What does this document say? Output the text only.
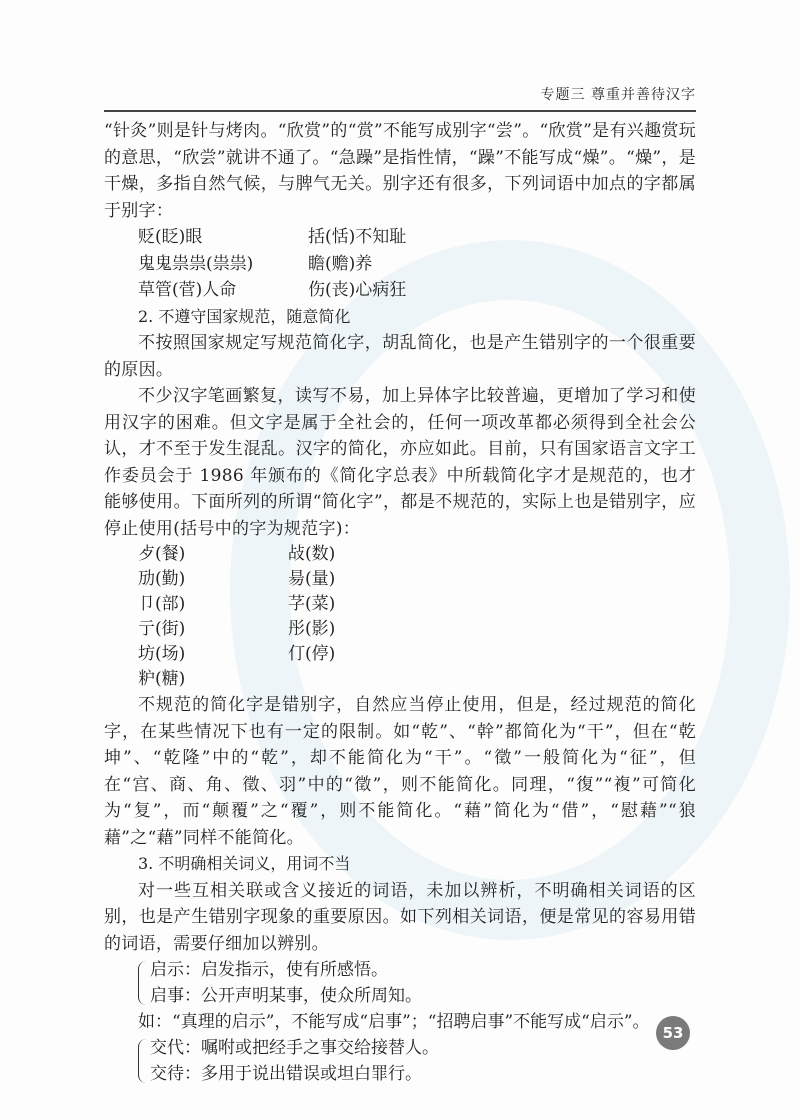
专题三 尊重并善待汉字

“针灸”则是针与烤肉。“欣赏”的“赏”不能写成别字“尝”。“欣赏”是有兴趣赏玩的意思，“欣尝”就讲不通了。“急躁”是指性情，“躁”不能写成“燥”。“燥”，是干燥，多指自然气候，与脾气无关。别字还有很多，下列词语中加点的字都属于别字：

贬(眨)眼	括(恬)不知耻
鬼鬼祟祟(祟祟)	瞻(赡)养
草管(菅)人命	伤(丧)心病狂

2. 不遵守国家规范，随意简化

不按照国家规定写规范简化字，胡乱简化，也是产生错别字的一个很重要的原因。

不少汉字笔画繁复，读写不易，加上异体字比较普遍，更增加了学习和使用汉字的困难。但文字是属于全社会的，任何一项改革都必须得到全社会公认，才不至于发生混乱。汉字的简化，亦应如此。目前，只有国家语言文字工作委员会于 1986 年颁布的《简化字总表》中所载简化字才是规范的，也才能够使用。下面所列的所谓“简化字”，都是不规范的，实际上也是错别字，应停止使用(括号中的字为规范字)：

歺(餐)	敁(数)
劢(勤)	昜(量)
卩(部)	芓(菜)
亍(街)	彤(影)
坊(场)	仃(停)
粐(糖)

不规范的简化字是错别字，自然应当停止使用，但是，经过规范的简化字，在某些情况下也有一定的限制。如“乾”、“幹”都简化为“干”，但在“乾坤”、“乾隆”中的“乾”，却不能简化为“干”。“徵”一般简化为“征”，但在“宫、商、角、徵、羽”中的“徵”，则不能简化。同理，“復”“複”可简化为“复”，而“颠覆”之“覆”，则不能简化。“藉”简化为“借”，“慰藉”“狼藉”之“藉”同样不能简化。

3. 不明确相关词义，用词不当

对一些互相关联或含义接近的词语，未加以辨析，不明确相关词语的区别，也是产生错别字现象的重要原因。如下列相关词语，便是常见的容易用错的词语，需要仔细加以辨别。

启示：启发指示，使有所感悟。
启事：公开声明某事，使众所周知。
如：“真理的启示”，不能写成“启事”；“招聘启事”不能写成“启示”。
交代：嘱咐或把经手之事交给接替人。
交待：多用于说出错误或坦白罪行。
53
